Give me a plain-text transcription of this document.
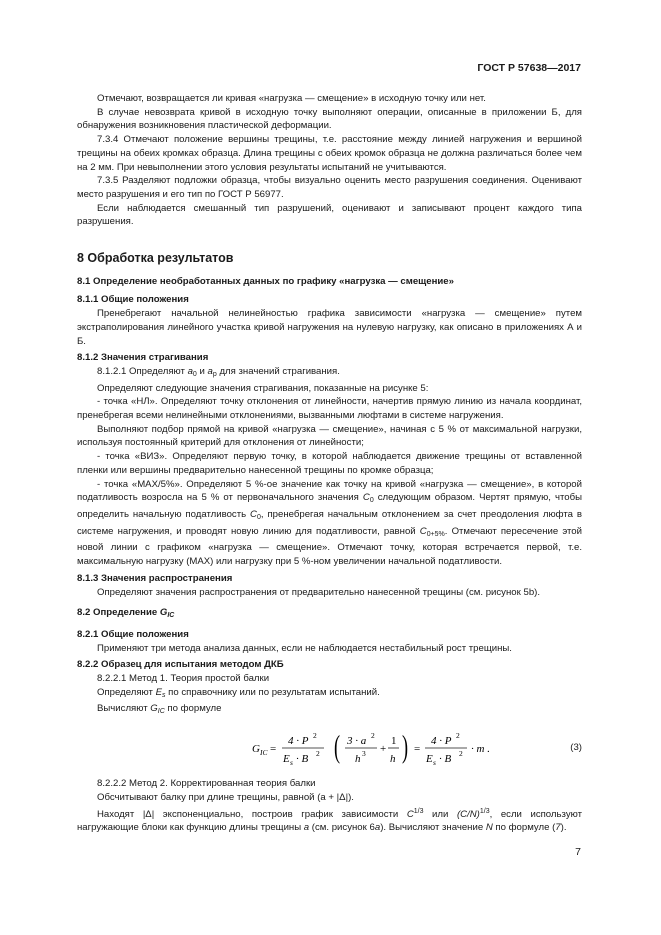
ГОСТ Р 57638—2017

Отмечают, возвращается ли кривая «нагрузка — смещение» в исходную точку или нет.

В случае невозврата кривой в исходную точку выполняют операции, описанные в приложении Б, для обнаружения возникновения пластической деформации.

7.3.4 Отмечают положение вершины трещины, т.е. расстояние между линией нагружения и вершиной трещины на обеих кромках образца. Длина трещины с обеих кромок образца не должна различаться более чем на 2 мм. При невыполнении этого условия результаты испытаний не учитываются.

7.3.5 Разделяют подложки образца, чтобы визуально оценить место разрушения соединения. Оценивают место разрушения и его тип по ГОСТ Р 56977.

Если наблюдается смешанный тип разрушений, оценивают и записывают процент каждого типа разрушения.

8 Обработка результатов
8.1 Определение необработанных данных по графику «нагрузка — смещение»
8.1.1 Общие положения

Пренебрегают начальной нелинейностью графика зависимости «нагрузка — смещение» путем экстраполирования линейного участка кривой нагружения на нулевую нагрузку, как описано в приложениях А и Б.

8.1.2 Значения страгивания

8.1.2.1 Определяют $a_0$ и $a_p$ для значений страгивания.

Определяют следующие значения страгивания, показанные на рисунке 5:

- точка «НЛ». Определяют точку отклонения от линейности, начертив прямую линию из начала координат, пренебрегая всеми нелинейными отклонениями, вызванными люфтами в системе нагружения.

Выполняют подбор прямой на кривой «нагрузка — смещение», начиная с 5 % от максимальной нагрузки, используя постоянный критерий для отклонения от линейности;

- точка «ВИЗ». Определяют первую точку, в которой наблюдается движение трещины от вставленной пленки или вершины предварительно нанесенной трещины по кромке образца;

- точка «MAX/5%». Определяют 5 %-ое значение как точку на кривой «нагрузка — смещение», в которой податливость возросла на 5 % от первоначального значения $C_0$ следующим образом. Чертят прямую, чтобы определить начальную податливость $C_0$, пренебрегая начальным отклонением за счет преодоления люфта в системе нагружения, и проводят новую линию для податливости, равной $C_{0+5\%}$. Отмечают пересечение этой новой линии с графиком «нагрузка — смещение». Отмечают точку, которая встречается первой, т.е. максимальную нагрузку (MAX) или нагрузку при 5 %-ном увеличении начальной податливости.

8.1.3 Значения распространения

Определяют значения распространения от предварительно нанесенной трещины (см. рисунок 5b).

8.2 Определение $G_{IC}$
8.2.1 Общие положения

Применяют три метода анализа данных, если не наблюдается нестабильный рост трещины.

8.2.2 Образец для испытания методом ДКБ

8.2.2.1 Метод 1. Теория простой балки

Определяют $E_s$ по справочнику или по результатам испытаний.

Вычисляют $G_{IC}$ по формуле

G IC =
4 · P 2
E s · B 2 ( 3 · a 2
h 3 +
1
h ) =
4 · P 2
E s · B 2 · m .	(3)

8.2.2.2 Метод 2. Корректированная теория балки

Обсчитывают балку при длине трещины, равной (a + |Δ|).

Находят |Δ| экспоненциально, построив график зависимости $C^{1/3}$ или $(C/N)^{1/3}$, если используют нагружающие блоки как функцию длины трещины a (см. рисунок 6a). Вычисляют значение N по формуле (7).

7
